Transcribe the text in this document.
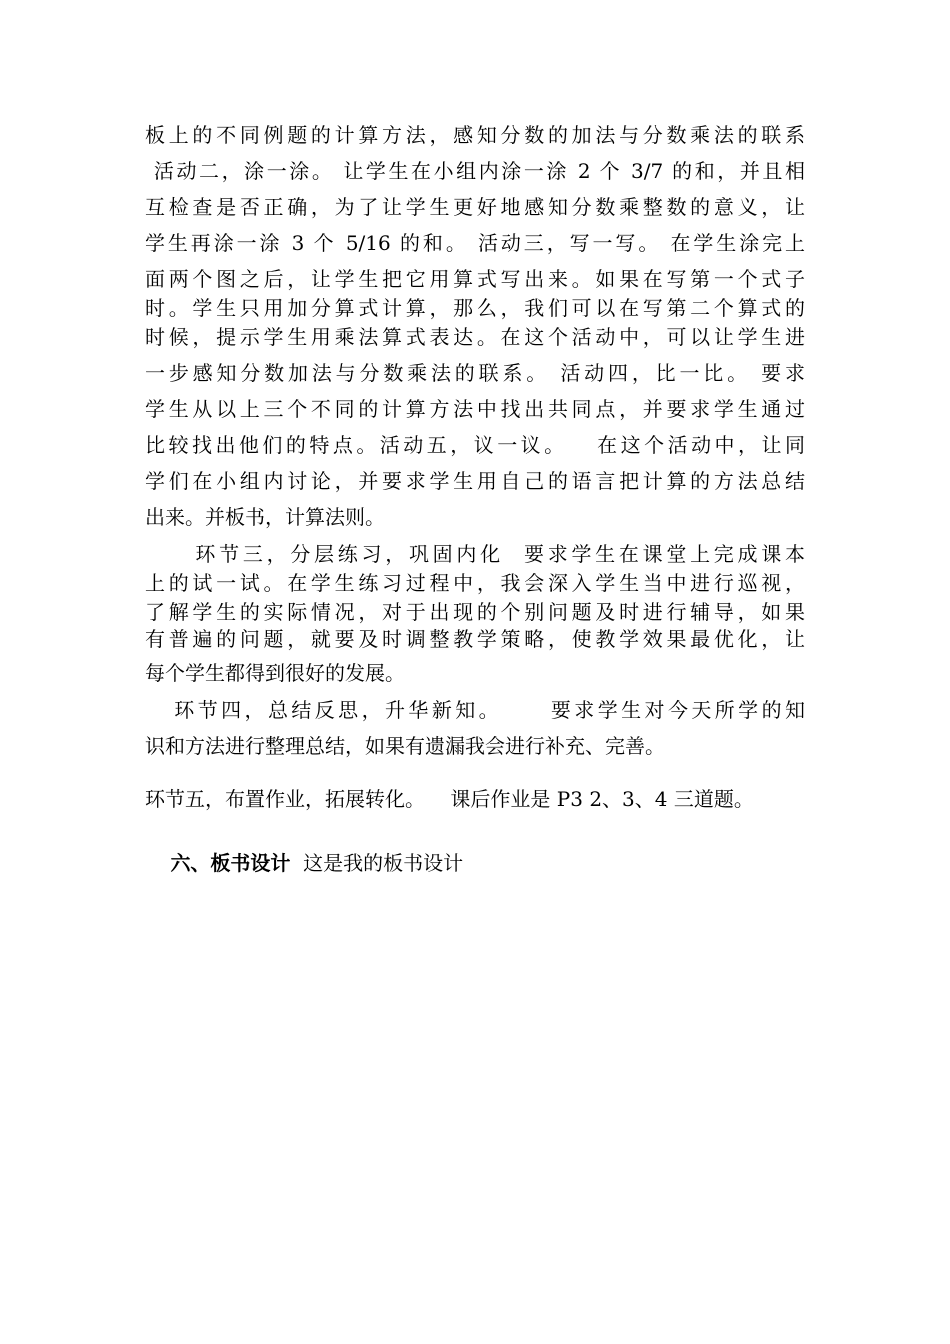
板上的不同例题的计算方法，感知分数的加法与分数乘法的联系
活动二，涂一涂。 让学生在小组内涂一涂 2 个 3/7 的和，并且相
互检查是否正确，为了让学生更好地感知分数乘整数的意义，让
学生再涂一涂 3 个 5/16 的和。 活动三，写一写。 在学生涂完上
面两个图之后，让学生把它用算式写出来。如果在写第一个式子
时。学生只用加分算式计算，那么，我们可以在写第二个算式的
时候，提示学生用乘法算式表达。在这个活动中，可以让学生进
一步感知分数加法与分数乘法的联系。 活动四，比一比。 要求
学生从以上三个不同的计算方法中找出共同点，并要求学生通过
比较找出他们的特点。活动五，议一议。   在这个活动中，让同
学们在小组内讨论，并要求学生用自己的语言把计算的方法总结
出来。并板书，计算法则。
环节三，分层练习，巩固内化  要求学生在课堂上完成课本
上的试一试。在学生练习过程中，我会深入学生当中进行巡视，
了解学生的实际情况，对于出现的个别问题及时进行辅导，如果
有普遍的问题，就要及时调整教学策略，使教学效果最优化，让
每个学生都得到很好的发展。
环节四，总结反思，升华新知。     要求学生对今天所学的知
识和方法进行整理总结，如果有遗漏我会进行补充、完善。
环节五，布置作业，拓展转化。    课后作业是 P3 2、3、4 三道题。

六、板书设计  这是我的板书设计
